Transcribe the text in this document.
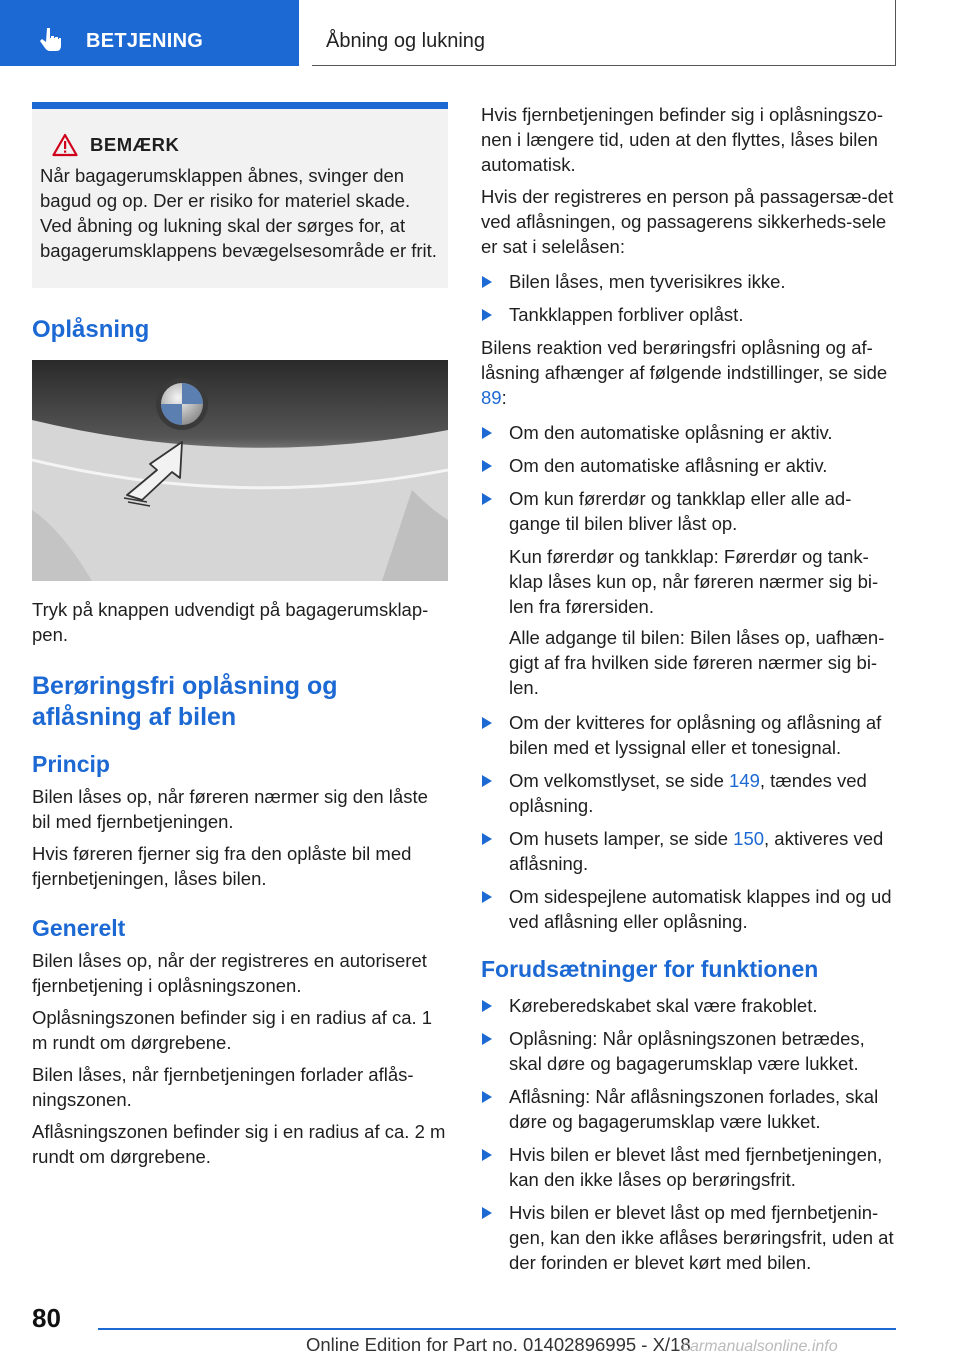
BETJENING	Åbning og lukning
BEMÆRK

Når bagagerumsklappen åbnes, svinger den bagud og op. Der er risiko for materiel skade. Ved åbning og lukning skal der sørges for, at bagagerumsklappens bevægelsesområde er frit.

Oplåsning

Tryk på knappen udvendigt på bagagerumsklap-pen.

Berøringsfri oplåsning og aflåsning af bilen
Princip

Bilen låses op, når føreren nærmer sig den låste bil med fjernbetjeningen.

Hvis føreren fjerner sig fra den oplåste bil med fjernbetjeningen, låses bilen.

Generelt

Bilen låses op, når der registreres en autoriseret fjernbetjening i oplåsningszonen.

Oplåsningszonen befinder sig i en radius af ca. 1 m rundt om dørgrebene.

Bilen låses, når fjernbetjeningen forlader aflås-ningszonen.

Aflåsningszonen befinder sig i en radius af ca. 2 m rundt om dørgrebene.

Hvis fjernbetjeningen befinder sig i oplåsningszo-nen i længere tid, uden at den flyttes, låses bilen automatisk.

Hvis der registreres en person på passagersæ-det ved aflåsningen, og passagerens sikkerheds-sele er sat i selelåsen:

Bilen låses, men tyverisikres ikke.
Tankklappen forbliver oplåst.

Bilens reaktion ved berøringsfri oplåsning og af-låsning afhænger af følgende indstillinger, se side 89:

Om den automatiske oplåsning er aktiv.
Om den automatiske aflåsning er aktiv.
Om kun førerdør og tankklap eller alle ad-gange til bilen bliver låst op.

Kun førerdør og tankklap: Førerdør og tank-klap låses kun op, når føreren nærmer sig bi-len fra førersiden.

Alle adgange til bilen: Bilen låses op, uafhæn-gigt af fra hvilken side føreren nærmer sig bi-len.

Om der kvitteres for oplåsning og aflåsning af bilen med et lyssignal eller et tonesignal.
Om velkomstlyset, se side 149, tændes ved oplåsning.
Om husets lamper, se side 150, aktiveres ved aflåsning.
Om sidespejlene automatisk klappes ind og ud ved aflåsning eller oplåsning.
Forudsætninger for funktionen
Køreberedskabet skal være frakoblet.
Oplåsning: Når oplåsningszonen betrædes, skal døre og bagagerumsklap være lukket.
Aflåsning: Når aflåsningszonen forlades, skal døre og bagagerumsklap være lukket.
Hvis bilen er blevet låst med fjernbetjeningen, kan den ikke låses op berøringsfrit.
Hvis bilen er blevet låst op med fjernbetjenin-gen, kan den ikke aflåses berøringsfrit, uden at der forinden er blevet kørt med bilen.
80
Online Edition for Part no. 01402896995 - X/18
carmanualsonline.info
